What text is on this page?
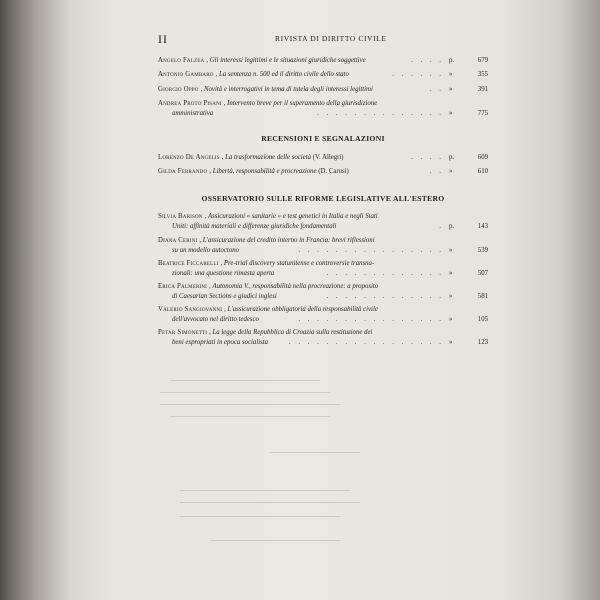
II	RIVISTA DI DIRITTO CIVILE
Angelo Falzea , Gli interessi legittimi e le situazioni giuridiche soggettive	. . . . p.	679
Antonio Gambaro , La sentenza n. 500 ed il diritto civile dello stato	. . . . . . »	355
Giorgio Oppo , Novità e interrogativi in tema di tutela degli interessi legittimi	. . »	391
Andrea Proto Pisani , Intervento breve per il superamento della giurisdizione
amministrativa	. . . . . . . . . . . . . . »	775
RECENSIONI E SEGNALAZIONI
Lorenzo De Angelis , La trasformazione delle società (V. Allegri)	. . . . p.	609
Gilda Ferrando , Libertà, responsabilità e procreazione (D. Carusi)	. . »	610
OSSERVATORIO SULLE RIFORME LEGISLATIVE ALL'ESTERO
Silvia Barison , Assicurazioni « sanitarie » e test genetici in Italia e negli Stati
Uniti: affinità materiali e differenze giuridiche fondamentali	. p.	143
Diana Cerini , L'assicurazione del credito interno in Francia: brevi riflessioni
su un modello autoctono	. . . . . . . . . . . . . . . . »	539
Beatrice Ficcarelli , Pre-trial discovery statunitense e controversie transna-
zionali: una questione rimasta aperta	. . . . . . . . . . . . . »	507
Erica Palmerini , Autonomia V., responsabilità nella procreazione: a proposito
di Caesarian Sections e giudici inglesi	. . . . . . . . . . . . . »	581
Valerio Sangiovanni , L'assicurazione obbligatoria della responsabilità civile
dell'avvocato nel diritto tedesco	. . . . . . . . . . . . . . . . »	105
Petar Simonetti , La legge della Repubblica di Croazia sulla restituzione dei
beni espropriati in epoca socialista	. . . . . . . . . . . . . . . . . »	123
